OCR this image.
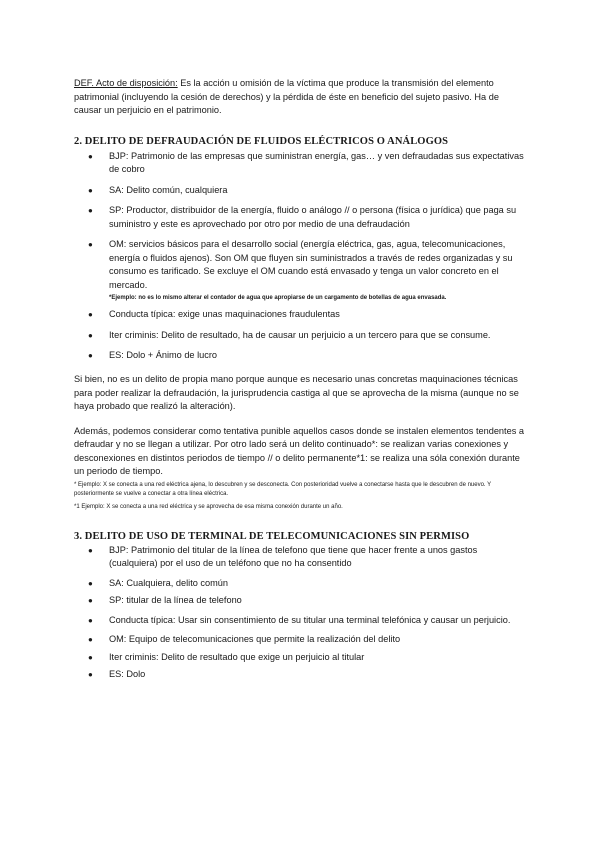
DEF. Acto de disposición: Es la acción u omisión de la víctima que produce la transmisión del elemento patrimonial (incluyendo la cesión de derechos) y la pérdida de éste en beneficio del sujeto pasivo. Ha de causar un perjuicio en el patrimonio.

2. DELITO DE DEFRAUDACIÓN DE FLUIDOS ELÉCTRICOS O ANÁLOGOS
● BJP: Patrimonio de las empresas que suministran energía, gas… y ven defraudadas sus expectativas de cobro
● SA: Delito común, cualquiera
● SP: Productor, distribuidor de la energía, fluido o análogo // o persona (física o jurídica) que paga su suministro y este es aprovechado por otro por medio de una defraudación
● OM: servicios básicos para el desarrollo social (energía eléctrica, gas, agua, telecomunicaciones, energía o fluidos ajenos). Son OM que fluyen sin suministrados a través de redes organizadas y su consumo es tarificado. Se excluye el OM cuando está envasado y tenga un valor concreto en el mercado.
*Ejemplo: no es lo mismo alterar el contador de agua que apropiarse de un cargamento de botellas de agua envasada.
● Conducta típica: exige unas maquinaciones fraudulentas
● Iter criminis: Delito de resultado, ha de causar un perjuicio a un tercero para que se consume.
● ES: Dolo + Ánimo de lucro

Si bien, no es un delito de propia mano porque aunque es necesario unas concretas maquinaciones técnicas para poder realizar la defraudación, la jurisprudencia castiga al que se aprovecha de la misma (aunque no se haya probado que realizó la alteración).

Además, podemos considerar como tentativa punible aquellos casos donde se instalen elementos tendentes a defraudar y no se llegan a utilizar. Por otro lado será un delito continuado*: se realizan varias conexiones y desconexiones en distintos periodos de tiempo // o delito permanente*1: se realiza una sóla conexión durante un periodo de tiempo.

* Ejemplo: X se conecta a una red eléctrica ajena, lo descubren y se desconecta. Con posterioridad vuelve a conectarse hasta que le descubren de nuevo. Y posteriormente se vuelve a conectar a otra línea eléctrica.

*1 Ejemplo: X se conecta a una red eléctrica y se aprovecha de esa misma conexión durante un año.

3. DELITO DE USO DE TERMINAL DE TELECOMUNICACIONES SIN PERMISO
● BJP: Patrimonio del titular de la línea de telefono que tiene que hacer frente a unos gastos (cualquiera) por el uso de un teléfono que no ha consentido
● SA: Cualquiera, delito común
● SP: titular de la línea de telefono
● Conducta típica: Usar sin consentimiento de su titular una terminal telefónica y causar un perjuicio.
● OM: Equipo de telecomunicaciones que permite la realización del delito
● Iter criminis: Delito de resultado que exige un perjuicio al titular
● ES: Dolo
